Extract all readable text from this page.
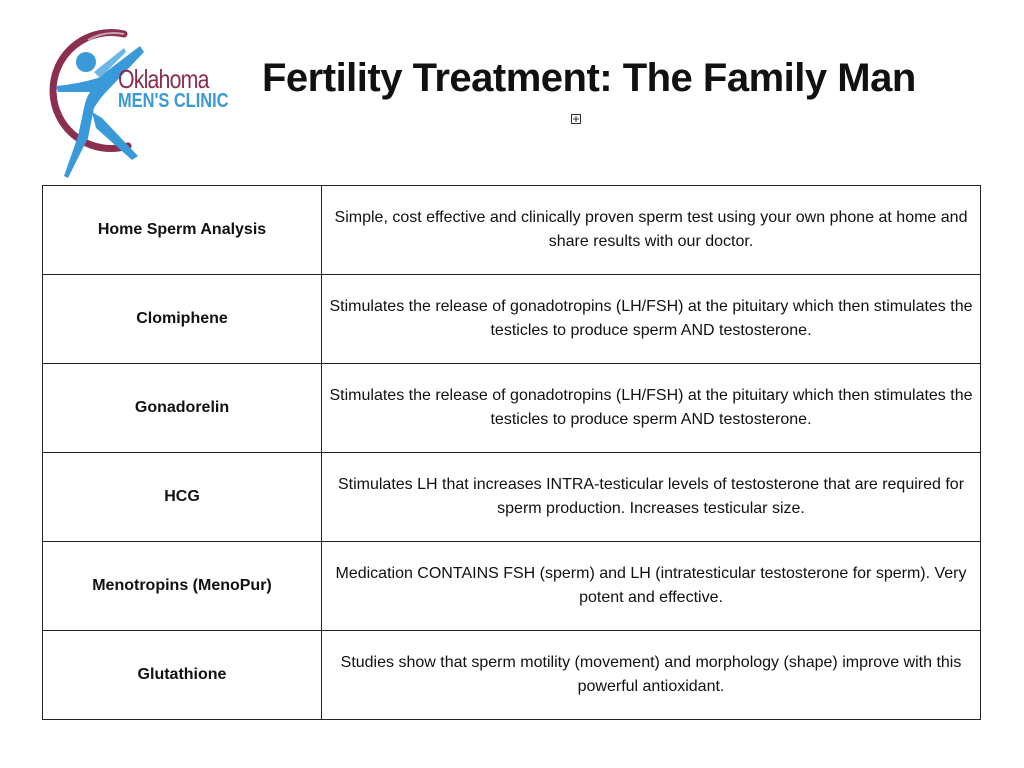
Oklahoma
MEN'S CLINIC
Fertility Treatment: The Family Man
Home Sperm Analysis	Simple, cost effective and clinically proven sperm test using your own phone at home and share results with our doctor.
Clomiphene	Stimulates the release of gonadotropins (LH/FSH) at the pituitary which then stimulates the testicles to produce sperm AND testosterone.
Gonadorelin	Stimulates the release of gonadotropins (LH/FSH) at the pituitary which then stimulates the testicles to produce sperm AND testosterone.
HCG	Stimulates LH that increases INTRA-testicular levels of testosterone that are required for sperm production. Increases testicular size.
Menotropins (MenoPur)	Medication CONTAINS FSH (sperm) and LH (intratesticular testosterone for sperm). Very potent and effective.
Glutathione	Studies show that sperm motility (movement) and morphology (shape) improve with this powerful antioxidant.
